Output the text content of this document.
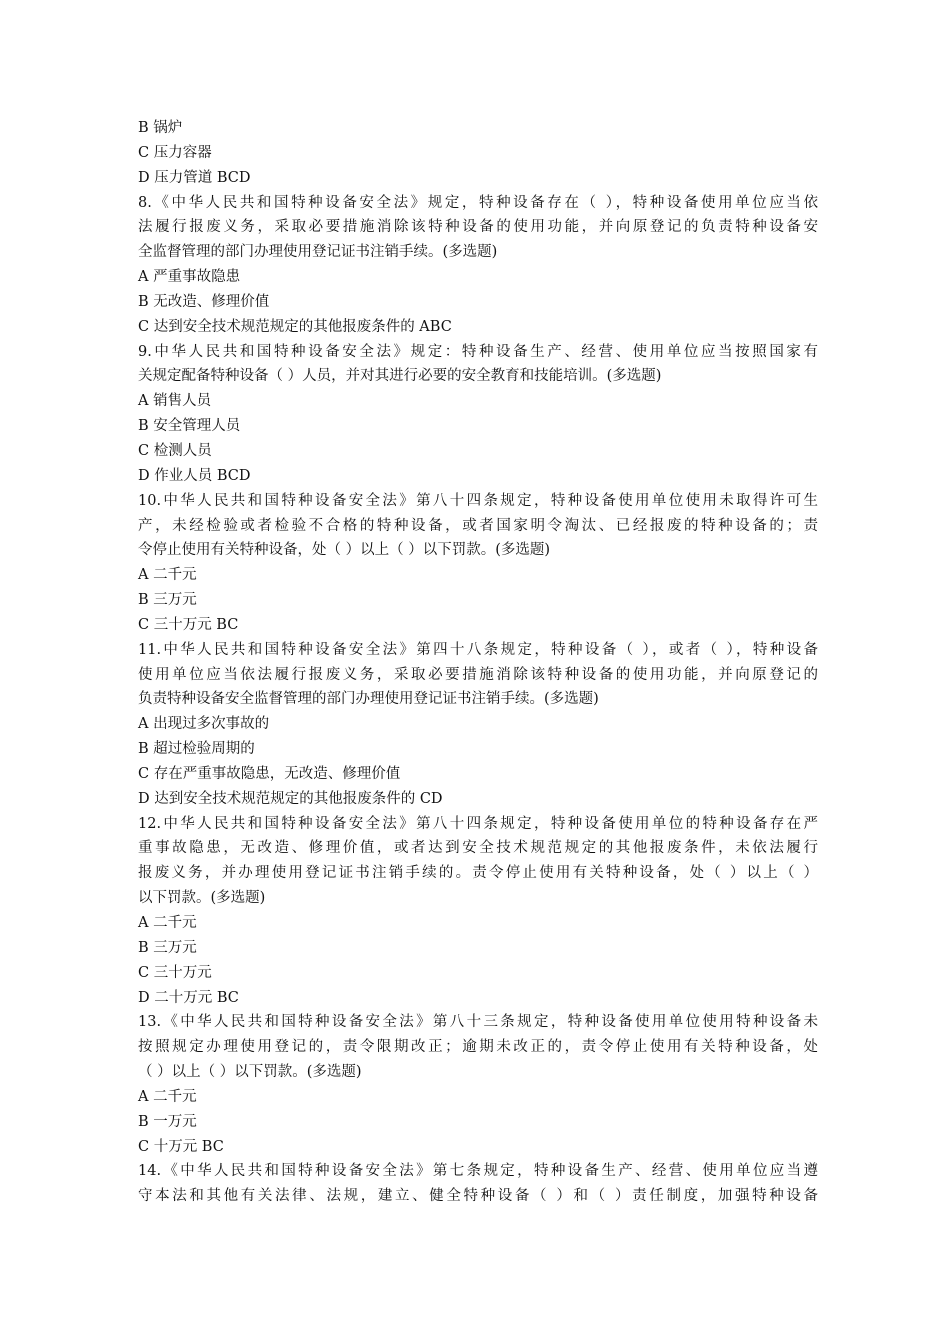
B 锅炉
C 压力容器
D 压力管道 BCD
8.《中华人民共和国特种设备安全法》规定，特种设备存在（ ），特种设备使用单位应当依
法履行报废义务，采取必要措施消除该特种设备的使用功能，并向原登记的负责特种设备安
全监督管理的部门办理使用登记证书注销手续。(多选题)
A 严重事故隐患
B 无改造、修理价值
C 达到安全技术规范规定的其他报废条件的 ABC
9.中华人民共和国特种设备安全法》规定：特种设备生产、经营、使用单位应当按照国家有
关规定配备特种设备（ ）人员，并对其进行必要的安全教育和技能培训。(多选题)
A 销售人员
B 安全管理人员
C 检测人员
D 作业人员 BCD
10.中华人民共和国特种设备安全法》第八十四条规定，特种设备使用单位使用未取得许可生
产，未经检验或者检验不合格的特种设备，或者国家明令淘汰、已经报废的特种设备的；责
令停止使用有关特种设备，处（ ）以上（ ）以下罚款。(多选题)
A 二千元
B 三万元
C 三十万元 BC
11.中华人民共和国特种设备安全法》第四十八条规定，特种设备（ ），或者（ ），特种设备
使用单位应当依法履行报废义务，采取必要措施消除该特种设备的使用功能，并向原登记的
负责特种设备安全监督管理的部门办理使用登记证书注销手续。(多选题)
A 出现过多次事故的
B 超过检验周期的
C 存在严重事故隐患，无改造、修理价值
D 达到安全技术规范规定的其他报废条件的 CD
12.中华人民共和国特种设备安全法》第八十四条规定，特种设备使用单位的特种设备存在严
重事故隐患，无改造、修理价值，或者达到安全技术规范规定的其他报废条件，未依法履行
报废义务，并办理使用登记证书注销手续的。责令停止使用有关特种设备，处（ ）以上（ ）
以下罚款。(多选题)
A 二千元
B 三万元
C 三十万元
D 二十万元 BC
13.《中华人民共和国特种设备安全法》第八十三条规定，特种设备使用单位使用特种设备未
按照规定办理使用登记的，责令限期改正；逾期未改正的，责令停止使用有关特种设备，处
（ ）以上（ ）以下罚款。(多选题)
A 二千元
B 一万元
C 十万元 BC
14.《中华人民共和国特种设备安全法》第七条规定，特种设备生产、经营、使用单位应当遵
守本法和其他有关法律、法规，建立、健全特种设备（ ）和（ ）责任制度，加强特种设备
